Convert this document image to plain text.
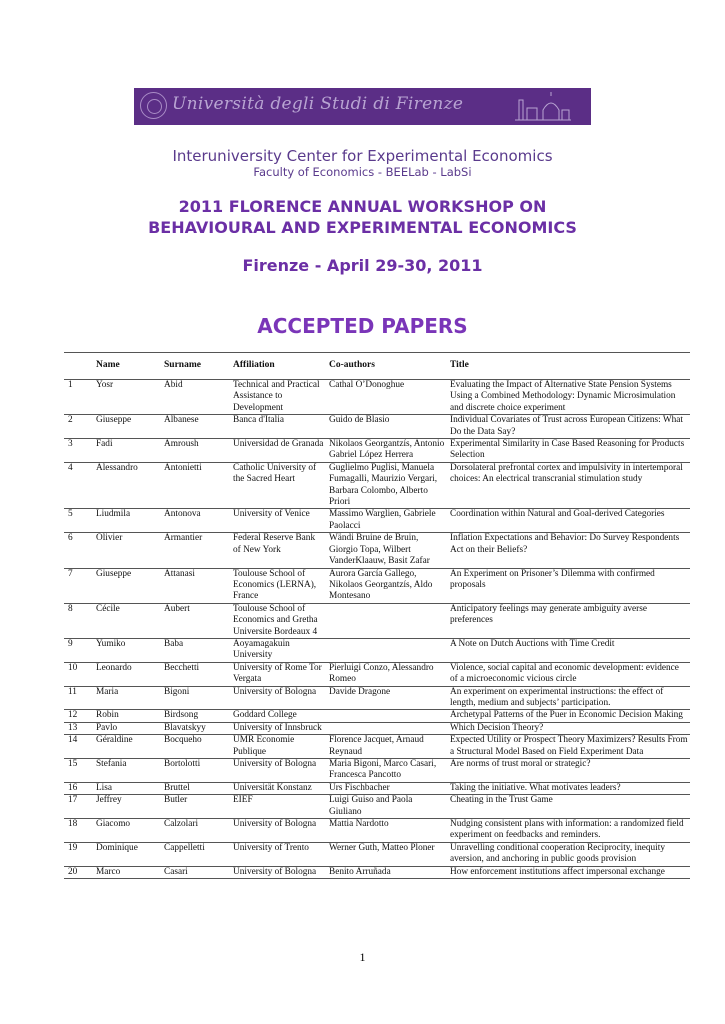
Università degli Studi di Firenze
Interuniversity Center for Experimental Economics
Faculty of Economics - BEELab - LabSi
2011 FLORENCE ANNUAL WORKSHOP ON
BEHAVIOURAL AND EXPERIMENTAL ECONOMICS
Firenze - April 29-30, 2011
ACCEPTED PAPERS
	Name	Surname	Affiliation	Co-authors	Title
1	Yosr	Abid	Technical and Practical Assistance to Development	Cathal O’Donoghue	Evaluating the Impact of Alternative State Pension Systems Using a Combined Methodology: Dynamic Microsimulation and discrete choice experiment
2	Giuseppe	Albanese	Banca d'Italia	Guido de Blasio	Individual Covariates of Trust across European Citizens: What Do the Data Say?
3	Fadi	Amroush	Universidad de Granada	Nikolaos Georgantzís, Antonio Gabriel López Herrera	Experimental Similarity in Case Based Reasoning for Products Selection
4	Alessandro	Antonietti	Catholic University of the Sacred Heart	Guglielmo Puglisi, Manuela Fumagalli, Maurizio Vergari, Barbara Colombo, Alberto Priori	Dorsolateral prefrontal cortex and impulsivity in intertemporal choices: An electrical transcranial stimulation study
5	Liudmila	Antonova	University of Venice	Massimo Warglien, Gabriele Paolacci	Coordination within Natural and Goal-derived Categories
6	Olivier	Armantier	Federal Reserve Bank of New York	Wändi Bruine de Bruin, Giorgio Topa, Wilbert VanderKlaauw, Basit Zafar	Inflation Expectations and Behavior: Do Survey Respondents Act on their Beliefs?
7	Giuseppe	Attanasi	Toulouse School of Economics (LERNA), France	Aurora García Gallego, Nikolaos Georgantzís, Aldo Montesano	An Experiment on Prisoner’s Dilemma with confirmed proposals
8	Cécile	Aubert	Toulouse School of Economics and Gretha Universite Bordeaux 4		Anticipatory feelings may generate ambiguity averse preferences
9	Yumiko	Baba	Aoyamagakuin University		A Note on Dutch Auctions with Time Credit
10	Leonardo	Becchetti	University of Rome Tor Vergata	Pierluigi Conzo, Alessandro Romeo	Violence, social capital and economic development: evidence of a microeconomic vicious circle
11	Maria	Bigoni	University of Bologna	Davide Dragone	An experiment on experimental instructions: the effect of length, medium and subjects’ participation.
12	Robin	Birdsong	Goddard College		Archetypal Patterns of the Puer in Economic Decision Making
13	Pavlo	Blavatskyy	University of Innsbruck		Which Decision Theory?
14	Géraldine	Bocqueho	UMR Economie Publique	Florence Jacquet, Arnaud Reynaud	Expected Utility or Prospect Theory Maximizers? Results From a Structural Model Based on Field Experiment Data
15	Stefania	Bortolotti	University of Bologna	Maria Bigoni, Marco Casari, Francesca Pancotto	Are norms of trust moral or strategic?
16	Lisa	Bruttel	Universität Konstanz	Urs Fischbacher	Taking the initiative. What motivates leaders?
17	Jeffrey	Butler	EIEF	Luigi Guiso and Paola Giuliano	Cheating in the Trust Game
18	Giacomo	Calzolari	University of Bologna	Mattia Nardotto	Nudging consistent plans with information: a randomized field experiment on feedbacks and reminders.
19	Dominique	Cappelletti	University of Trento	Werner Guth, Matteo Ploner	Unravelling conditional cooperation Reciprocity, inequity aversion, and anchoring in public goods provision
20	Marco	Casari	University of Bologna	Benito Arruñada	How enforcement institutions affect impersonal exchange
1
